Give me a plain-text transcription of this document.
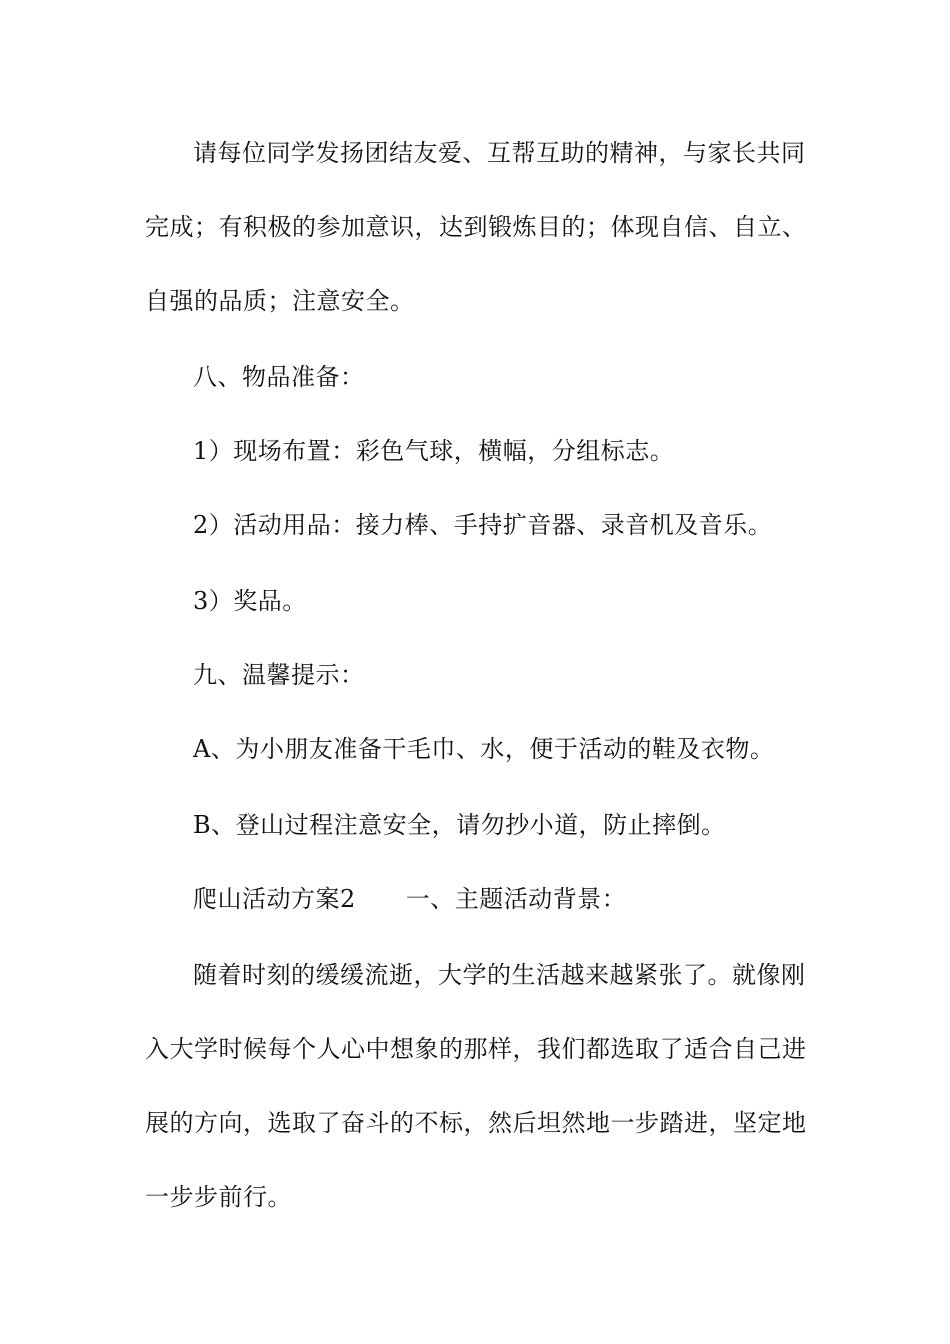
请每位同学发扬团结友爱、互帮互助的精神，与家长共同
完成；有积极的参加意识，达到锻炼目的；体现自信、自立、
自强的品质；注意安全。
八、物品准备：
1）现场布置：彩色气球，横幅，分组标志。
2）活动用品：接力棒、手持扩音器、录音机及音乐。
3）奖品。
九、温馨提示：
A、为小朋友准备干毛巾、水，便于活动的鞋及衣物。
B、登山过程注意安全，请勿抄小道，防止摔倒。
爬山活动方案2 一、主题活动背景：
随着时刻的缓缓流逝，大学的生活越来越紧张了。就像刚
入大学时候每个人心中想象的那样，我们都选取了适合自己进
展的方向，选取了奋斗的不标，然后坦然地一步踏进，坚定地
一步步前行。
